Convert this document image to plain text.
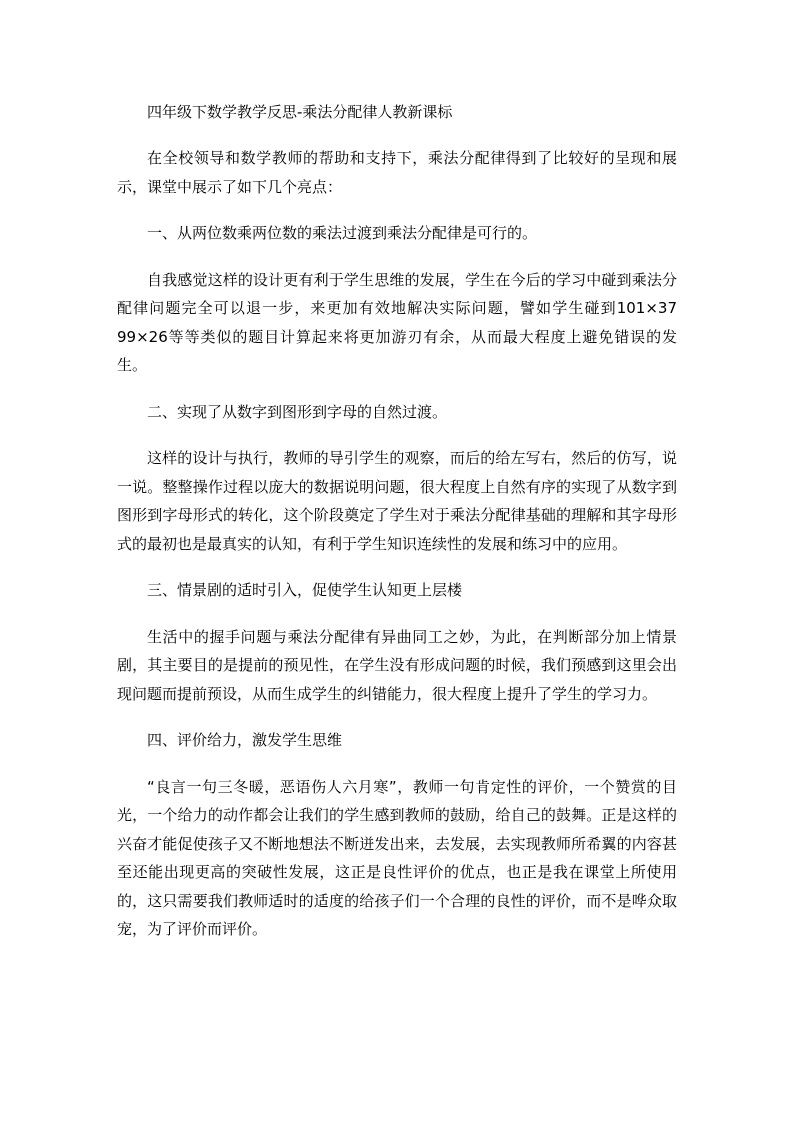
四年级下数学教学反思-乘法分配律人教新课标

在全校领导和数学教师的帮助和支持下，乘法分配律得到了比较好的呈现和展示，课堂中展示了如下几个亮点：

一、从两位数乘两位数的乘法过渡到乘法分配律是可行的。

自我感觉这样的设计更有利于学生思维的发展，学生在今后的学习中碰到乘法分配律问题完全可以退一步，来更加有效地解决实际问题，譬如学生碰到101×37　99×26等等类似的题目计算起来将更加游刃有余，从而最大程度上避免错误的发生。

二、实现了从数字到图形到字母的自然过渡。

这样的设计与执行，教师的导引学生的观察，而后的给左写右，然后的仿写，说一说。整整操作过程以庞大的数据说明问题，很大程度上自然有序的实现了从数字到图形到字母形式的转化，这个阶段奠定了学生对于乘法分配律基础的理解和其字母形式的最初也是最真实的认知，有利于学生知识连续性的发展和练习中的应用。

三、情景剧的适时引入，促使学生认知更上层楼

生活中的握手问题与乘法分配律有异曲同工之妙，为此，在判断部分加上情景剧，其主要目的是提前的预见性，在学生没有形成问题的时候，我们预感到这里会出现问题而提前预设，从而生成学生的纠错能力，很大程度上提升了学生的学习力。

四、评价给力，激发学生思维

“良言一句三冬暖，恶语伤人六月寒”，教师一句肯定性的评价，一个赞赏的目光，一个给力的动作都会让我们的学生感到教师的鼓励，给自己的鼓舞。正是这样的兴奋才能促使孩子又不断地想法不断迸发出来，去发展，去实现教师所希翼的内容甚至还能出现更高的突破性发展，这正是良性评价的优点，也正是我在课堂上所使用的，这只需要我们教师适时的适度的给孩子们一个合理的良性的评价，而不是哗众取宠，为了评价而评价。
